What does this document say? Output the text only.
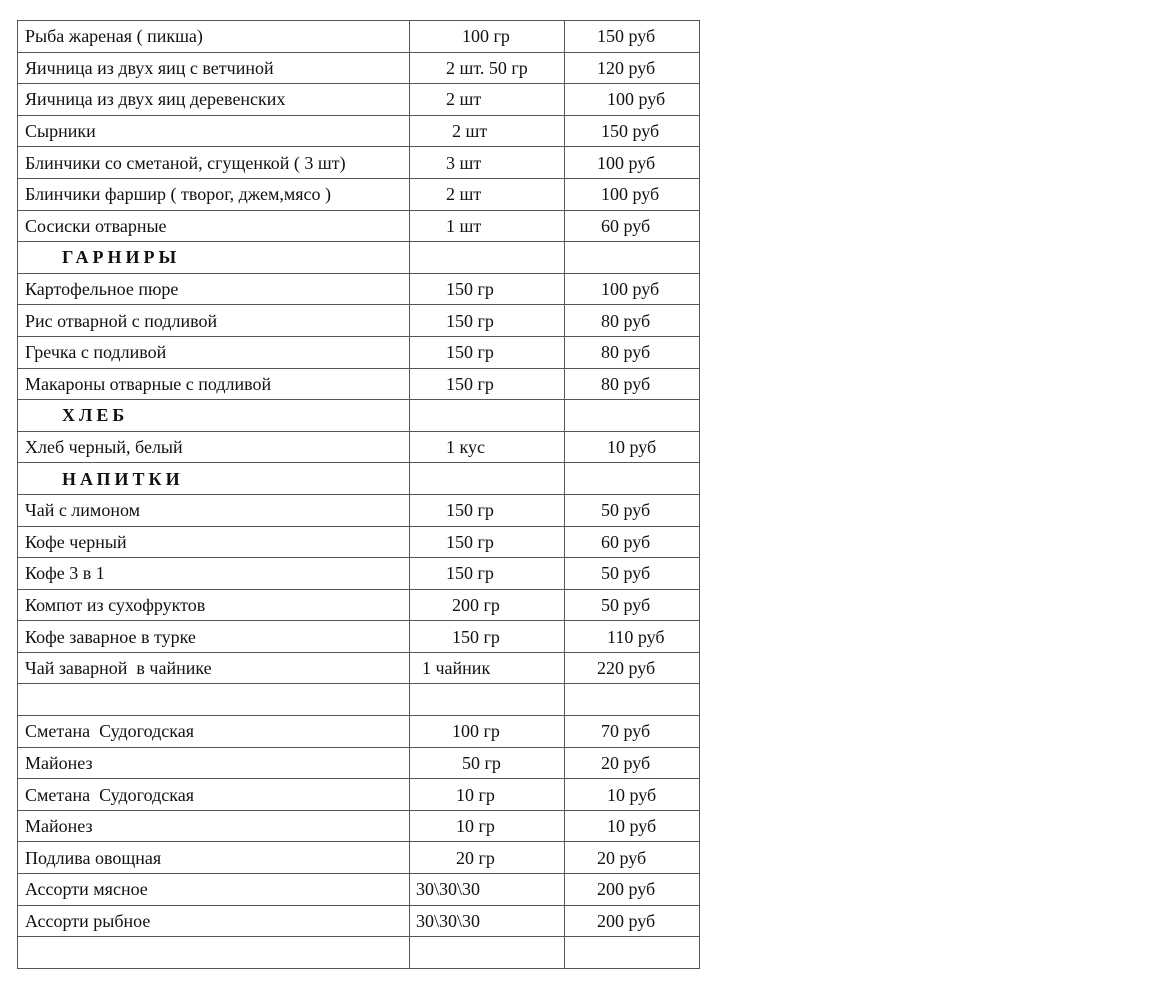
Рыба жареная ( пикша)	100 гр	150 руб
Яичница из двух яиц с ветчиной	2 шт. 50 гр	120 руб
Яичница из двух яиц деревенских	2 шт	100 руб
Сырники	2 шт	150 руб
Блинчики со сметаной, сгущенкой ( 3 шт)	3 шт	100 руб
Блинчики фаршир ( творог, джем,мясо )	2 шт	100 руб
Сосиски отварные	1 шт	60 руб
ГАРНИРЫ		
Картофельное пюре	150 гр	100 руб
Рис отварной с подливой	150 гр	80 руб
Гречка с подливой	150 гр	80 руб
Макароны отварные с подливой	150 гр	80 руб
ХЛЕБ		
Хлеб черный, белый	1 кус	10 руб
НАПИТКИ		
Чай с лимоном	150 гр	50 руб
Кофе черный	150 гр	60 руб
Кофе 3 в 1	150 гр	50 руб
Компот из сухофруктов	200 гр	50 руб
Кофе заварное в турке	150 гр	110 руб
Чай заварной  в чайнике	1 чайник	220 руб

Сметана  Судогодская	100 гр	70 руб
Майонез	50 гр	20 руб
Сметана  Судогодская	10 гр	10 руб
Майонез	10 гр	10 руб
Подлива овощная	20 гр	20 руб
Ассорти мясное	30\30\30	200 руб
Ассорти рыбное	30\30\30	200 руб
